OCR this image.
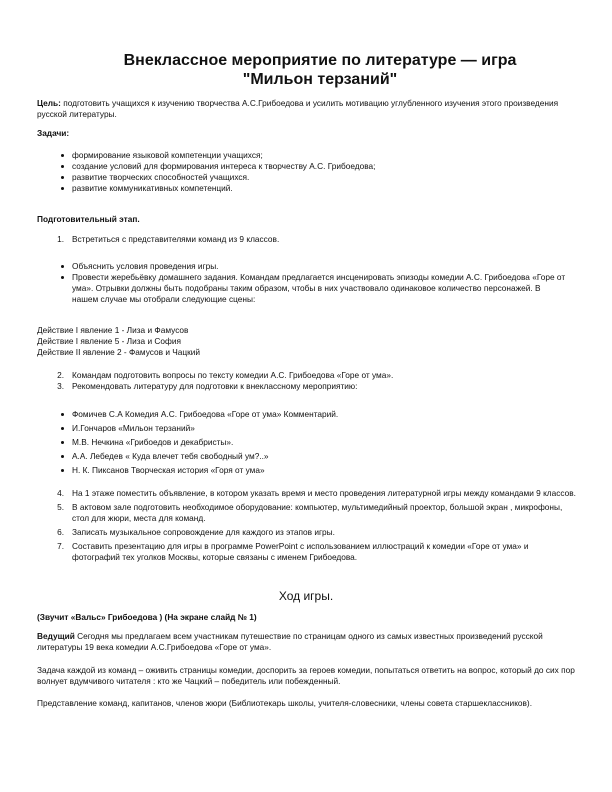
Внеклассное мероприятие по литературе — игра
"Мильон терзаний"

Цель: подготовить учащихся к изучению творчества А.С.Грибоедова и усилить мотивацию углубленного изучения этого произведения русской литературы.

Задачи:

формирование языковой компетенции учащихся;
создание условий для формирования интереса к творчеству А.С. Грибоедова;
развитие творческих способностей учащихся.
развитие коммуникативных компетенций.

Подготовительный этап.

1. Встретиться с представителями команд из 9 классов.
Объяснить условия проведения игры.
Провести жеребьёвку домашнего задания. Командам предлагается инсценировать эпизоды комедии А.С. Грибоедова «Горе от ума». Отрывки должны быть подобраны таким образом, чтобы в них участвовало одинаковое количество персонажей. В нашем случае мы отобрали следующие сцены:
Действие I явление 1 - Лиза и Фамусов
Действие I явление 5 - Лиза и София
Действие II явление 2 - Фамусов и Чацкий
2. Командам подготовить вопросы по тексту комедии А.С. Грибоедова «Горе от ума».
3. Рекомендовать литературу для подготовки к внеклассному мероприятию:
Фомичев С.А Комедия А.С. Грибоедова «Горе от ума» Комментарий.
И.Гончаров «Мильон терзаний»
М.В. Нечкина «Грибоедов и декабристы».
А.А. Лебедев « Куда влечет тебя свободный ум?..»
Н. К. Пиксанов Творческая история «Горя от ума»
4. На 1 этаже поместить объявление, в котором указать время и место проведения литературной игры между командами 9 классов.
5. В актовом зале подготовить необходимое оборудование: компьютер, мультимедийный проектор, большой экран , микрофоны, стол для жюри, места для команд.
6. Записать музыкальное сопровождение для каждого из этапов игры.
7. Составить презентацию для игры в программе PowerPoint с использованием иллюстраций к комедии «Горе от ума» и фотографий тех уголков Москвы, которые связаны с именем Грибоедова.
Ход игры.

(Звучит «Вальс» Грибоедова ) (На экране слайд № 1)

Ведущий Сегодня мы предлагаем всем участникам путешествие по страницам одного из самых известных произведений русской литературы 19 века комедии А.С.Грибоедова «Горе от ума».

Задача каждой из команд – оживить страницы комедии, доспорить за героев комедии, попытаться ответить на вопрос, который до сих пор волнует вдумчивого читателя : кто же Чацкий – победитель или побежденный.

Представление команд, капитанов, членов жюри (Библиотекарь школы, учителя-словесники, члены совета старшеклассников).
